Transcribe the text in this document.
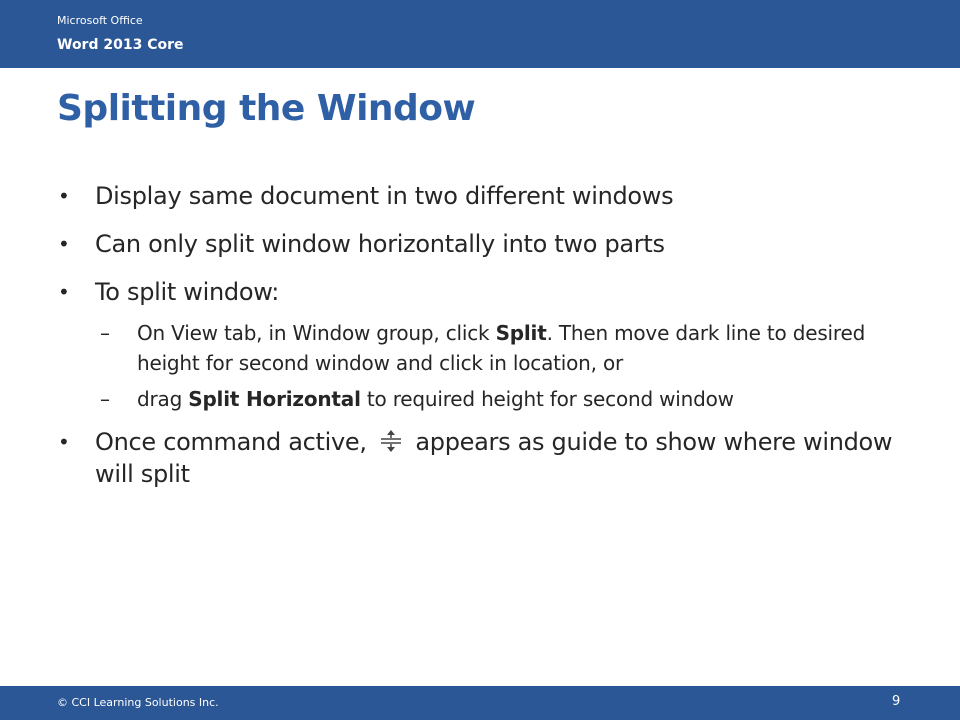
Microsoft Office
Word 2013 Core
Splitting the Window
• Display same document in two different windows
• Can only split window horizontally into two parts
• To split window:
– On View tab, in Window group, click Split. Then move dark line to desired height for second window and click in location, or
– drag Split Horizontal to required height for second window
• Once command active,  appears as guide to show where window will split
© CCI Learning Solutions Inc.	9
